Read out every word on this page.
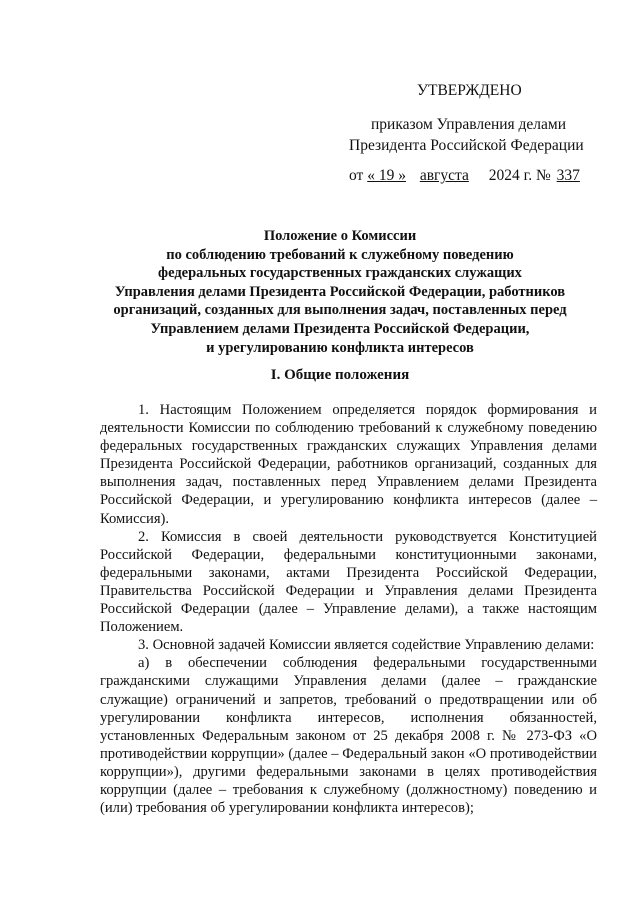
УТВЕРЖДЕНО
приказом Управления делами
Президента Российской Федерации
от « 19 » августа 2024 г. № 337
Положение о Комиссии
по соблюдению требований к служебному поведению
федеральных государственных гражданских служащих
Управления делами Президента Российской Федерации, работников
организаций, созданных для выполнения задач, поставленных перед
Управлением делами Президента Российской Федерации,
и урегулированию конфликта интересов
I. Общие положения

1. Настоящим Положением определяется порядок формирования и деятельности Комиссии по соблюдению требований к служебному поведению федеральных государственных гражданских служащих Управления делами Президента Российской Федерации, работников организаций, созданных для выполнения задач, поставленных перед Управлением делами Президента Российской Федерации, и урегулированию конфликта интересов (далее – Комиссия).

2. Комиссия в своей деятельности руководствуется Конституцией Российской Федерации, федеральными конституционными законами, федеральными законами, актами Президента Российской Федерации, Правительства Российской Федерации и Управления делами Президента Российской Федерации (далее – Управление делами), а также настоящим Положением.

3. Основной задачей Комиссии является содействие Управлению делами:

а) в обеспечении соблюдения федеральными государственными гражданскими служащими Управления делами (далее – гражданские служащие) ограничений и запретов, требований о предотвращении или об урегулировании конфликта интересов, исполнения обязанностей, установленных Федеральным законом от 25 декабря 2008 г. № 273-ФЗ «О противодействии коррупции» (далее – Федеральный закон «О противодействии коррупции»), другими федеральными законами в целях противодействия коррупции (далее – требования к служебному (должностному) поведению и (или) требования об урегулировании конфликта интересов);
